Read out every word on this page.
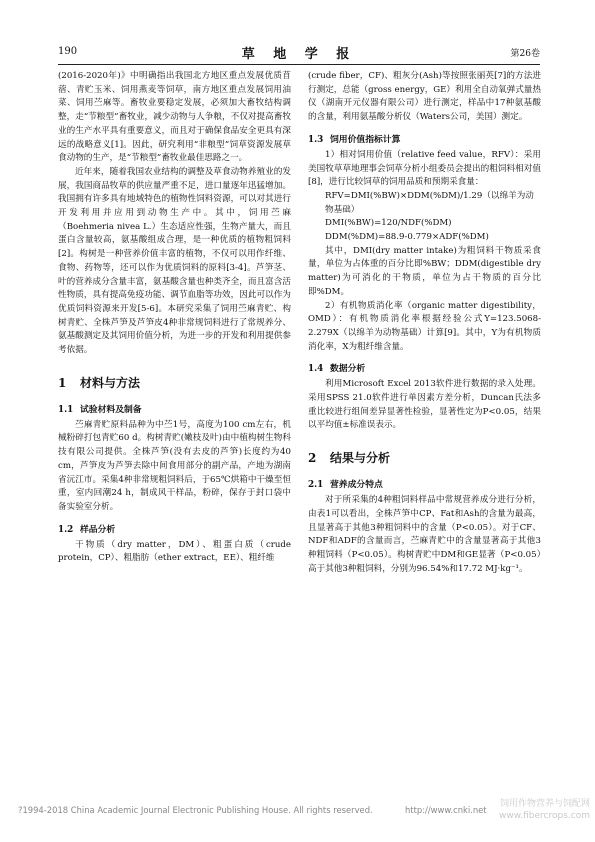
190	草 地 学 报	第26卷

(2016-2020年)》中明确指出我国北方地区重点发展优质苜蓿、青贮玉米、饲用燕麦等饲草，南方地区重点发展饲用油菜、饲用苎麻等。畜牧业要稳定发展，必须加大畜牧结构调整，走“节粮型”畜牧业，减少动物与人争粮，不仅对提高畜牧业的生产水平具有重要意义，而且对于确保食品安全更具有深远的战略意义[1]。因此，研究利用“非粮型”饲草资源发展草食动物的生产，是“节粮型”畜牧业最佳思路之一。

近年来，随着我国农业结构的调整及草食动物养殖业的发展，我国商品牧草的供应量严重不足，进口量逐年迅猛增加。我国拥有许多具有地域特色的植物性饲料资源，可以对其进行开发利用并应用到动物生产中。其中，饲用苎麻（Boehmeria nivea L.）生态适应性强，生物产量大，而且蛋白含量较高，氨基酸组成合理，是一种优质的植物粗饲料[2]。构树是一种营养价值丰富的植物，不仅可以用作纤维、食物、药物等，还可以作为优质饲料的原料[3-4]。芦笋茎、叶的营养成分含量丰富，氨基酸含量也种类齐全，而且富含活性物质，具有提高免疫功能、调节血脂等功效，因此可以作为优质饲料资源来开发[5-6]。本研究采集了饲用苎麻青贮、构树青贮、全株芦笋及芦笋皮4种非常规饲料进行了常规养分、氨基酸测定及其饲用价值分析，为进一步的开发和利用提供参考依据。

1 材料与方法
1.1 试验材料及制备

苎麻青贮原料品种为中苎1号，高度为100 cm左右，机械粉碎打包青贮60 d。构树青贮(嫩枝及叶)由中植构树生物科技有限公司提供。全株芦笋(没有去皮的芦笋)长度约为40 cm，芦笋皮为芦笋去除中间食用部分的副产品，产地为湖南省沅江市。采集4种非常规粗饲料后，于65℃烘箱中干燥至恒重，室内回潮24 h，制成风干样品，粉碎，保存于封口袋中备实验室分析。

1.2 样品分析

干物质（dry matter，DM）、粗蛋白质（crude protein，CP）、粗脂肪（ether extract，EE）、粗纤维

(crude fiber，CF)、粗灰分(Ash)等按照张丽英[7]的方法进行测定，总能（gross energy，GE）利用全自动氧弹式量热仪（湖南开元仪器有限公司）进行测定，样品中17种氨基酸的含量，利用氨基酸分析仪（Waters公司，美国）测定。

1.3 饲用价值指标计算

1）相对饲用价值（relative feed value，RFV）：采用美国牧草草地理事会饲草分析小组委员会提出的粗饲料相对值[8]，进行比较饲草的饲用品质和预期采食量：

RFV=DMI(%BW)×DDM(%DM)/1.29（以绵羊为动物基础）

DMI(%BW)=120/NDF(%DM)

DDM(%DM)=88.9-0.779×ADF(%DM)

其中，DMI(dry matter intake)为粗饲料干物质采食量，单位为占体重的百分比即%BW；DDM(digestible dry matter)为可消化的干物质，单位为占干物质的百分比即%DM。

2）有机物质消化率（organic matter digestibility，OMD）：有机物质消化率根据经验公式Y=123.5068-2.279X（以绵羊为动物基础）计算[9]。其中，Y为有机物质消化率，X为粗纤维含量。

1.4 数据分析

利用Microsoft Excel 2013软件进行数据的录入处理。采用SPSS 21.0软件进行单因素方差分析，Duncan氏法多重比较进行组间差异显著性检验，显著性定为P<0.05，结果以平均值±标准误表示。

2 结果与分析
2.1 营养成分特点

对于所采集的4种粗饲料样品中常规营养成分进行分析，由表1可以看出，全株芦笋中CP、Fat和Ash的含量为最高，且显著高于其他3种粗饲料中的含量（P<0.05）。对于CF、NDF和ADF的含量而言，苎麻青贮中的含量显著高于其他3种粗饲料（P<0.05）。构树青贮中DM和GE显著（P<0.05）高于其他3种粗饲料，分别为96.54%和17.72 MJ·kg⁻¹。

?1994-2018 China Academic Journal Electronic Publishing House. All rights reserved.	http://www.cnki.net
饲用作物营养与饲配网
www.fibercrops.com
